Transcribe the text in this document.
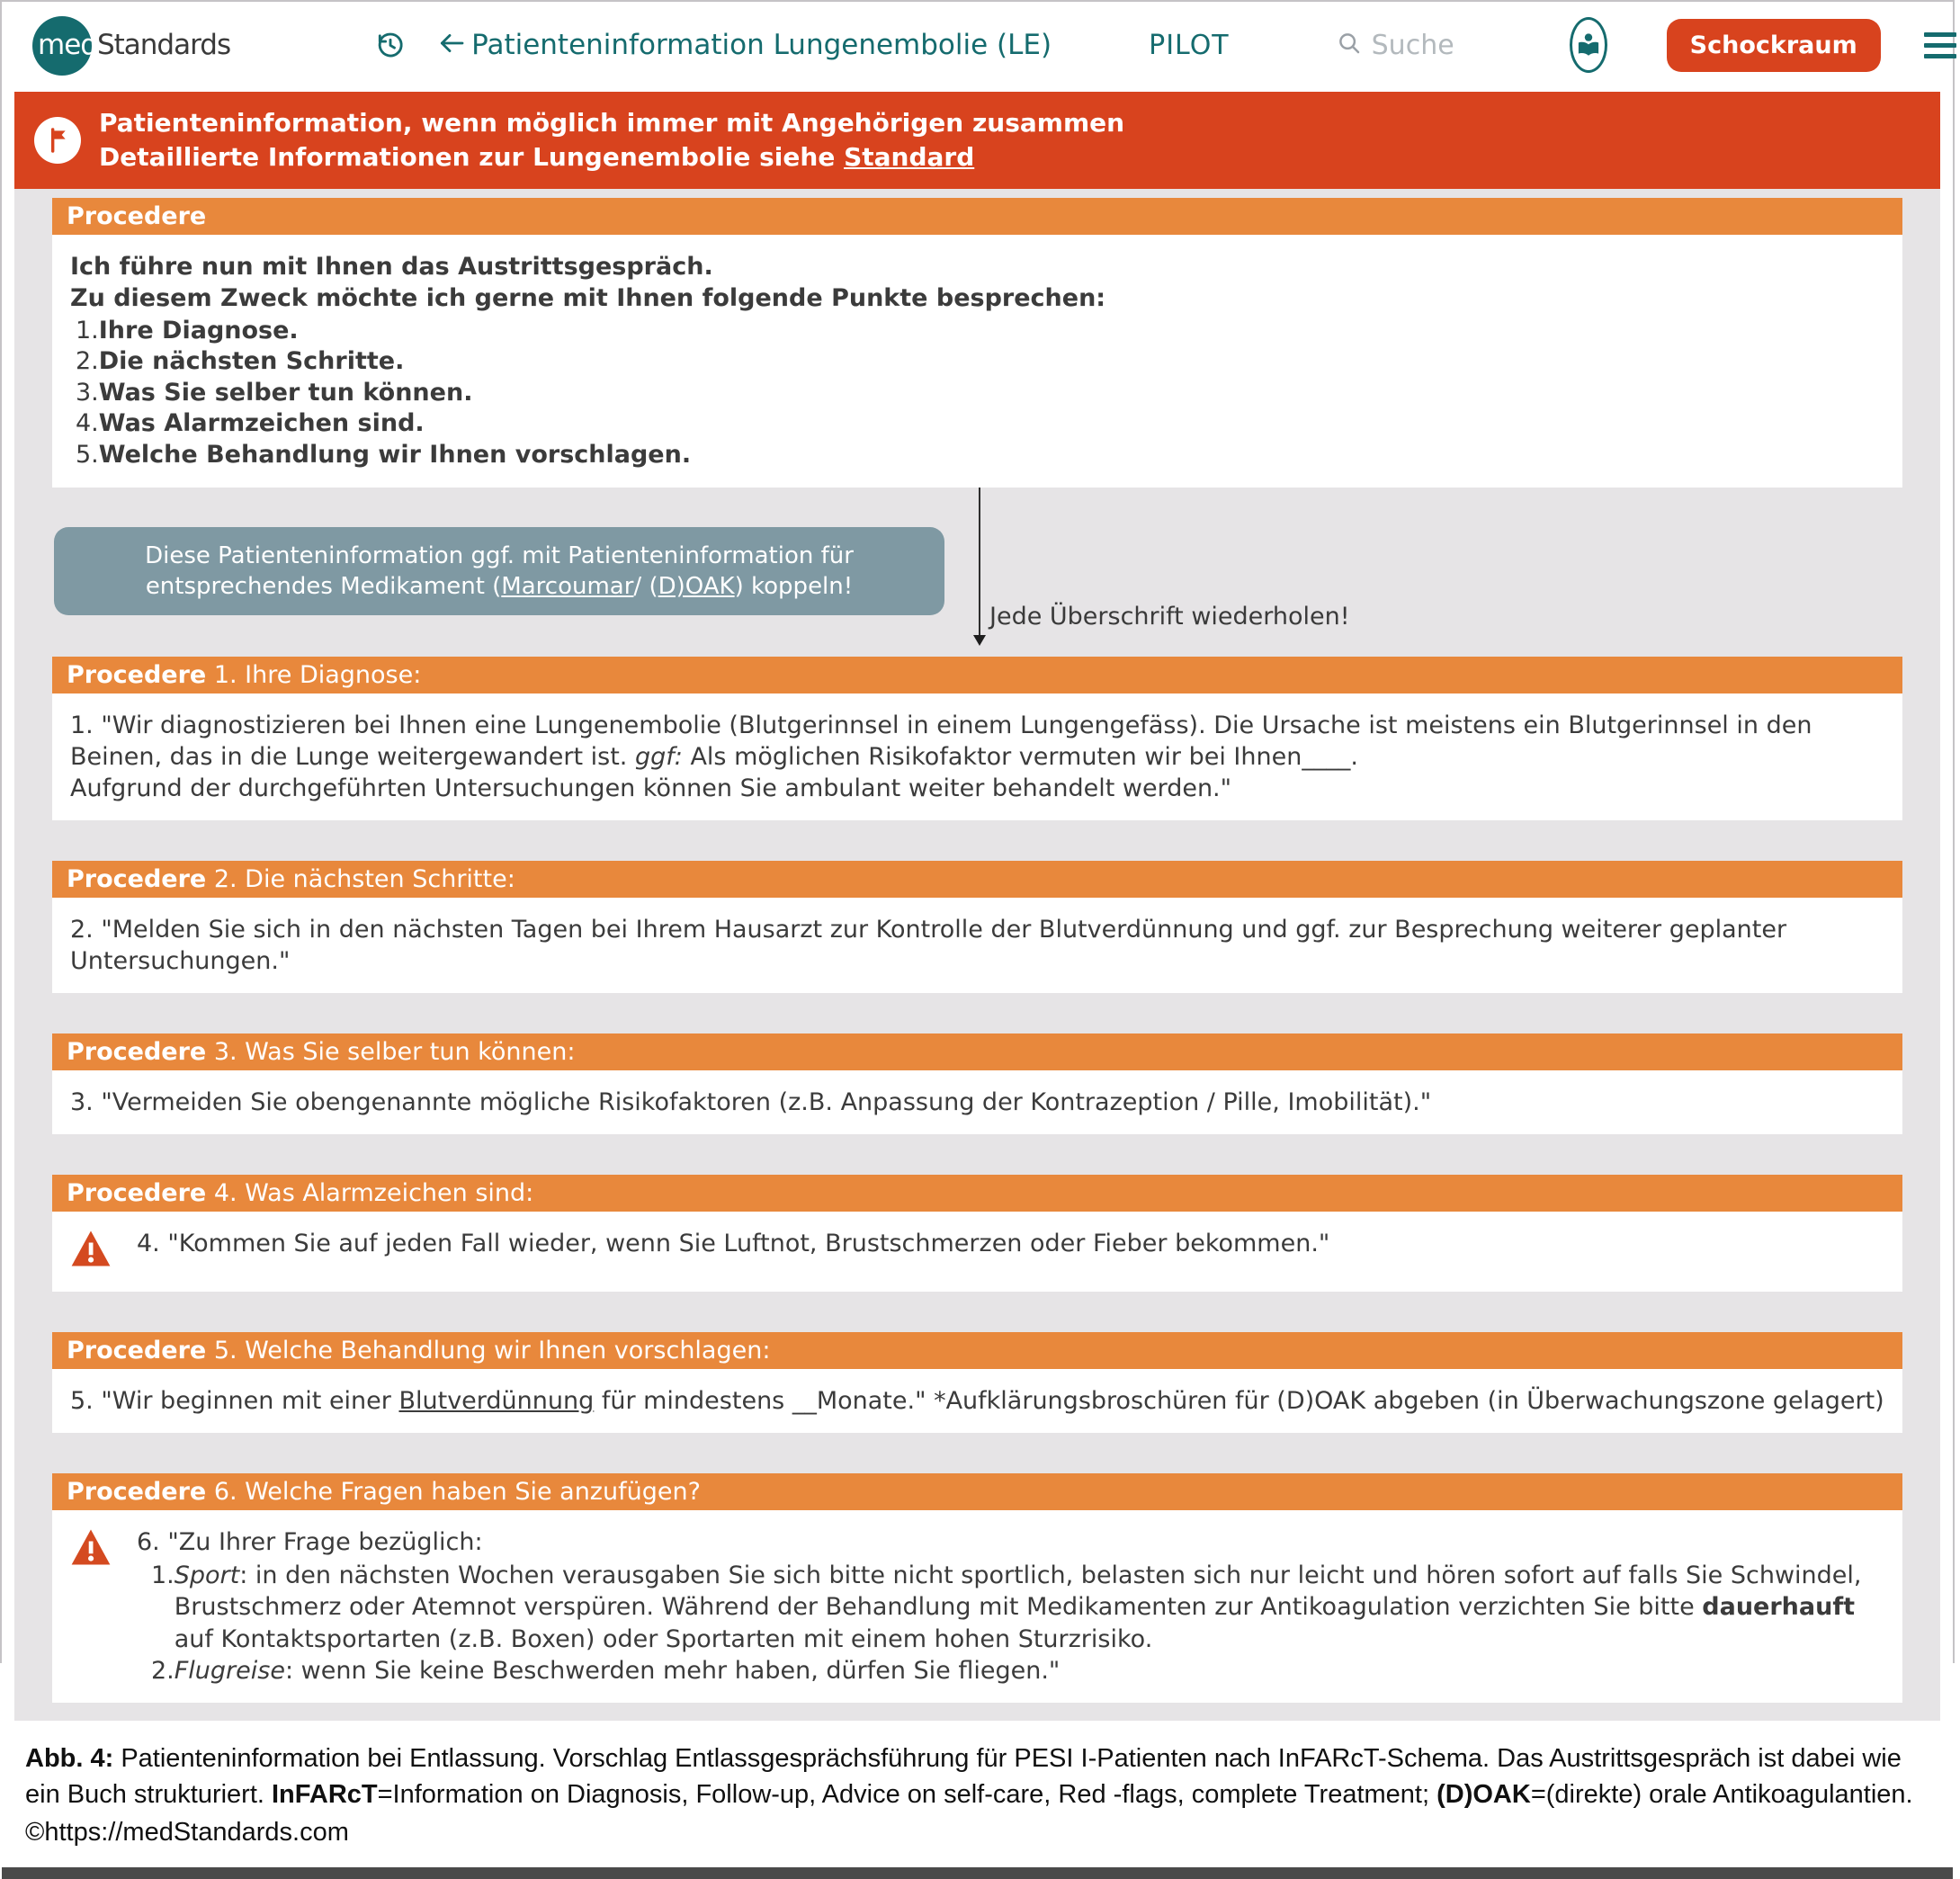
med Standards	Patienteninformation Lungenembolie (LE)	PILOT
Suche	Schockraum
Patienteninformation, wenn möglich immer mit Angehörigen zusammen
Detaillierte Informationen zur Lungenembolie siehe Standard
Procedere
Ich führe nun mit Ihnen das Austrittsgespräch.
Zu diesem Zweck möchte ich gerne mit Ihnen folgende Punkte besprechen:
1. Ihre Diagnose.
2. Die nächsten Schritte.
3. Was Sie selber tun können.
4. Was Alarmzeichen sind.
5. Welche Behandlung wir Ihnen vorschlagen.
Diese Patienteninformation ggf. mit Patienteninformation für entsprechendes Medikament (Marcoumar/ (D)OAK) koppeln!
Jede Überschrift wiederholen!
Procedere 1. Ihre Diagnose:
1. "Wir diagnostizieren bei Ihnen eine Lungenembolie (Blutgerinnsel in einem Lungengefäss). Die Ursache ist meistens ein Blutgerinnsel in den Beinen, das in die Lunge weitergewandert ist. ggf: Als möglichen Risikofaktor vermuten wir bei Ihnen____.
Aufgrund der durchgeführten Untersuchungen können Sie ambulant weiter behandelt werden."
Procedere 2. Die nächsten Schritte:
2. "Melden Sie sich in den nächsten Tagen bei Ihrem Hausarzt zur Kontrolle der Blutverdünnung und ggf. zur Besprechung weiterer geplanter Untersuchungen."
Procedere 3. Was Sie selber tun können:
3. "Vermeiden Sie obengenannte mögliche Risikofaktoren (z.B. Anpassung der Kontrazeption / Pille, Imobilität)."
Procedere 4. Was Alarmzeichen sind:
4. "Kommen Sie auf jeden Fall wieder, wenn Sie Luftnot, Brustschmerzen oder Fieber bekommen."
Procedere 5. Welche Behandlung wir Ihnen vorschlagen:
5. "Wir beginnen mit einer Blutverdünnung für mindestens __Monate." *Aufklärungsbroschüren für (D)OAK abgeben (in Überwachungszone gelagert)
Procedere 6. Welche Fragen haben Sie anzufügen?
6. "Zu Ihrer Frage bezüglich:
1. Sport: in den nächsten Wochen verausgaben Sie sich bitte nicht sportlich, belasten sich nur leicht und hören sofort auf falls Sie Schwindel, Brustschmerz oder Atemnot verspüren. Während der Behandlung mit Medikamenten zur Antikoagulation verzichten Sie bitte dauerhauft auf Kontaktsportarten (z.B. Boxen) oder Sportarten mit einem hohen Sturzrisiko.
2. Flugreise: wenn Sie keine Beschwerden mehr haben, dürfen Sie fliegen."
Abb. 4: Patienteninformation bei Entlassung. Vorschlag Entlassgesprächsführung für PESI I-Patienten nach InFARcT-Schema. Das Austrittsgespräch ist dabei wie ein Buch strukturiert. InFARcT=Information on Diagnosis, Follow-up, Advice on self-care, Red -flags, complete Treatment; (D)OAK=(direkte) orale Antikoagulantien.
©https://medStandards.com
